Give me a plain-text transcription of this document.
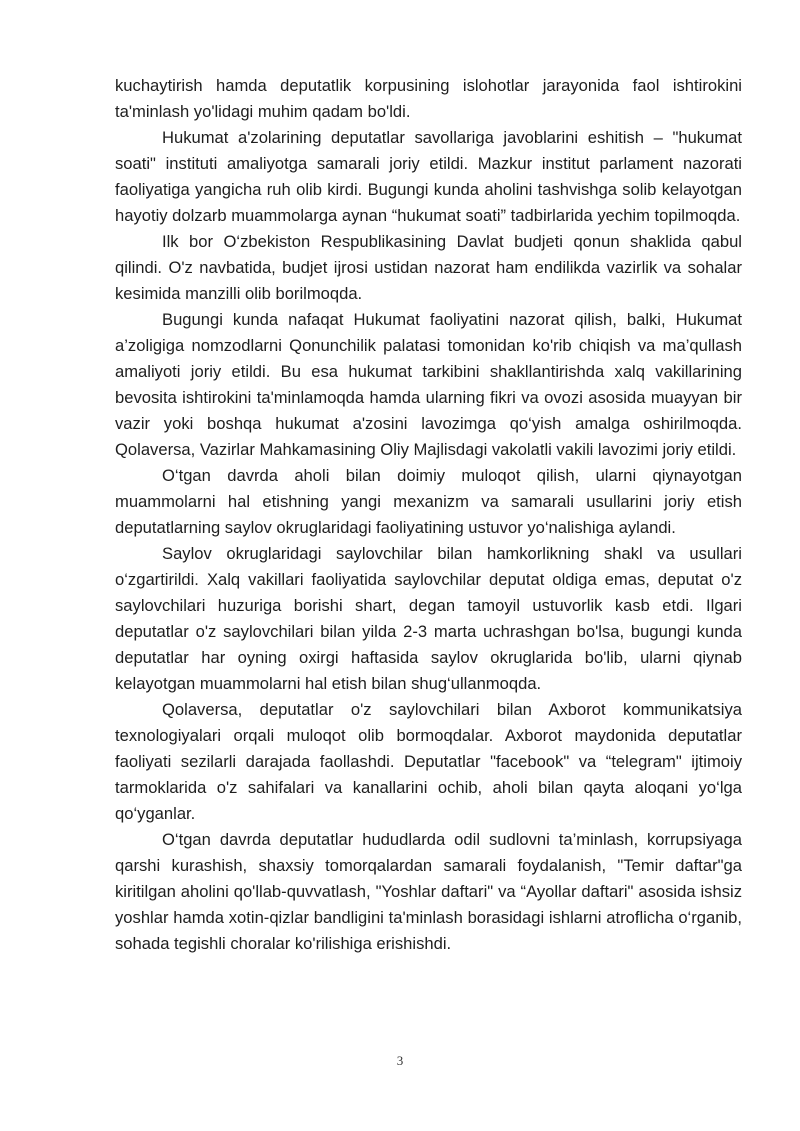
kuchaytirish hamda deputatlik korpusining islohotlar jarayonida faol ishtirokini ta'minlash yo'lidagi muhim qadam bo'ldi.

Hukumat a'zolarining deputatlar savollariga javoblarini eshitish – "hukumat soati" instituti amaliyotga samarali joriy etildi. Mazkur institut parlament nazorati faoliyatiga yangicha ruh olib kirdi. Bugungi kunda aholini tashvishga solib kelayotgan hayotiy dolzarb muammolarga aynan “hukumat soati” tadbirlarida yechim topilmoqda.

Ilk bor O‘zbekiston Respublikasining Davlat budjeti qonun shaklida qabul qilindi. O'z navbatida, budjet ijrosi ustidan nazorat ham endilikda vazirlik va sohalar kesimida manzilli olib borilmoqda.

Bugungi kunda nafaqat Hukumat faoliyatini nazorat qilish, balki, Hukumat a’zoligiga nomzodlarni Qonunchilik palatasi tomonidan ko'rib chiqish va ma’qullash amaliyoti joriy etildi. Bu esa hukumat tarkibini shakllantirishda xalq vakillarining bevosita ishtirokini ta'minlamoqda hamda ularning fikri va ovozi asosida muayyan bir vazir yoki boshqa hukumat a'zosini lavozimga qo‘yish amalga oshirilmoqda. Qolaversa, Vazirlar Mahkamasining Oliy Majlisdagi vakolatli vakili lavozimi joriy etildi.

O‘tgan davrda aholi bilan doimiy muloqot qilish, ularni qiynayotgan muammolarni hal etishning yangi mexanizm va samarali usullarini joriy etish deputatlarning saylov okruglaridagi faoliyatining ustuvor yo‘nalishiga aylandi.

Saylov okruglaridagi saylovchilar bilan hamkorlikning shakl va usullari o‘zgartirildi. Xalq vakillari faoliyatida saylovchilar deputat oldiga emas, deputat o'z saylovchilari huzuriga borishi shart, degan tamoyil ustuvorlik kasb etdi. Ilgari deputatlar o'z saylovchilari bilan yilda 2-3 marta uchrashgan bo'lsa, bugungi kunda deputatlar har oyning oxirgi haftasida saylov okruglarida bo'lib, ularni qiynab kelayotgan muammolarni hal etish bilan shug‘ullanmoqda.

Qolaversa, deputatlar o'z saylovchilari bilan Axborot kommunikatsiya texnologiyalari orqali muloqot olib bormoqdalar. Axborot maydonida deputatlar faoliyati sezilarli darajada faollashdi. Deputatlar "facebook" va “telegram" ijtimoiy tarmoklarida o'z sahifalari va kanallarini ochib, aholi bilan qayta aloqani yo‘lga qo‘yganlar.

O‘tgan davrda deputatlar hududlarda odil sudlovni ta’minlash, korrupsiyaga qarshi kurashish, shaxsiy tomorqalardan samarali foydalanish, "Temir daftar"ga kiritilgan aholini qo'llab-quvvatlash, "Yoshlar daftari" va “Ayollar daftari" asosida ishsiz yoshlar hamda xotin-qizlar bandligini ta'minlash borasidagi ishlarni atroflicha o‘rganib, sohada tegishli choralar ko'rilishiga erishishdi.

3
